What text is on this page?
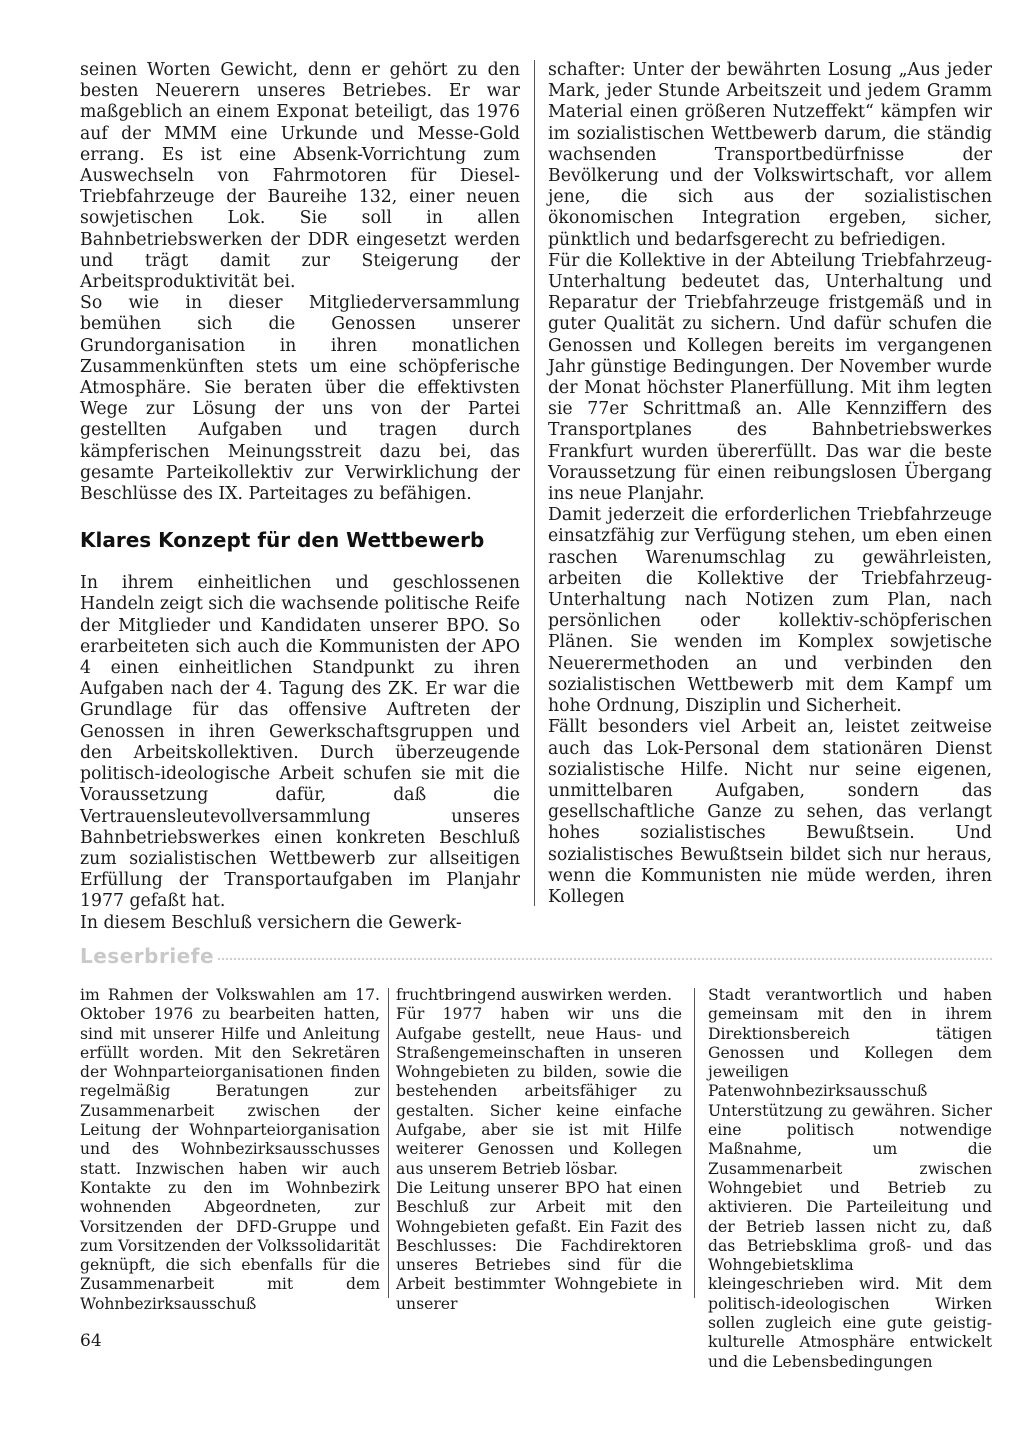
seinen Worten Gewicht, denn er gehört zu den besten Neuerern unseres Betriebes. Er war maßgeblich an einem Exponat beteiligt, das 1976 auf der MMM eine Urkunde und Messe-Gold errang. Es ist eine Absenk-Vorrichtung zum Auswechseln von Fahrmotoren für Diesel-Triebfahrzeuge der Baureihe 132, einer neuen sowjetischen Lok. Sie soll in allen Bahnbetriebswerken der DDR eingesetzt werden und trägt damit zur Steigerung der Arbeitsproduktivität bei.

So wie in dieser Mitgliederversammlung bemühen sich die Genossen unserer Grundorganisation in ihren monatlichen Zusammenkünften stets um eine schöpferische Atmosphäre. Sie beraten über die effektivsten Wege zur Lösung der uns von der Partei gestellten Aufgaben und tragen durch kämpferischen Meinungsstreit dazu bei, das gesamte Parteikollektiv zur Verwirklichung der Beschlüsse des IX. Parteitages zu befähigen.

Klares Konzept für den Wettbewerb

In ihrem einheitlichen und geschlossenen Handeln zeigt sich die wachsende politische Reife der Mitglieder und Kandidaten unserer BPO. So erarbeiteten sich auch die Kommunisten der APO 4 einen einheitlichen Standpunkt zu ihren Aufgaben nach der 4. Tagung des ZK. Er war die Grundlage für das offensive Auftreten der Genossen in ihren Gewerkschaftsgruppen und den Arbeitskollektiven. Durch überzeugende politisch-ideologische Arbeit schufen sie mit die Voraussetzung dafür, daß die Vertrauensleutevollversammlung unseres Bahnbetriebswerkes einen konkreten Beschluß zum sozialistischen Wettbewerb zur allseitigen Erfüllung der Transportaufgaben im Planjahr 1977 gefaßt hat.

In diesem Beschluß versichern die Gewerk-

schafter: Unter der bewährten Losung „Aus jeder Mark, jeder Stunde Arbeitszeit und jedem Gramm Material einen größeren Nutzeffekt“ kämpfen wir im sozialistischen Wettbewerb darum, die ständig wachsenden Transportbedürfnisse der Bevölkerung und der Volkswirtschaft, vor allem jene, die sich aus der sozialistischen ökonomischen Integration ergeben, sicher, pünktlich und bedarfsgerecht zu befriedigen.

Für die Kollektive in der Abteilung Triebfahrzeug-Unterhaltung bedeutet das, Unterhaltung und Reparatur der Triebfahrzeuge fristgemäß und in guter Qualität zu sichern. Und dafür schufen die Genossen und Kollegen bereits im vergangenen Jahr günstige Bedingungen. Der November wurde der Monat höchster Planerfüllung. Mit ihm legten sie 77er Schrittmaß an. Alle Kennziffern des Transportplanes des Bahnbetriebswerkes Frankfurt wurden übererfüllt. Das war die beste Voraussetzung für einen reibungslosen Übergang ins neue Planjahr.

Damit jederzeit die erforderlichen Triebfahrzeuge einsatzfähig zur Verfügung stehen, um eben einen raschen Warenumschlag zu gewährleisten, arbeiten die Kollektive der Triebfahrzeug-Unterhaltung nach Notizen zum Plan, nach persönlichen oder kollektiv-schöpferischen Plänen. Sie wenden im Komplex sowjetische Neuerermethoden an und verbinden den sozialistischen Wettbewerb mit dem Kampf um hohe Ordnung, Disziplin und Sicherheit.

Fällt besonders viel Arbeit an, leistet zeitweise auch das Lok-Personal dem stationären Dienst sozialistische Hilfe. Nicht nur seine eigenen, unmittelbaren Aufgaben, sondern das gesellschaftliche Ganze zu sehen, das verlangt hohes sozialistisches Bewußtsein. Und sozialistisches Bewußtsein bildet sich nur heraus, wenn die Kommunisten nie müde werden, ihren Kollegen

Leserbriefe

im Rahmen der Volkswahlen am 17. Oktober 1976 zu bearbeiten hatten, sind mit unserer Hilfe und Anleitung erfüllt worden. Mit den Sekretären der Wohnparteiorganisationen finden regelmäßig Beratungen zur Zusammenarbeit zwischen der Leitung der Wohnparteiorganisation und des Wohnbezirksausschusses statt. Inzwischen haben wir auch Kontakte zu den im Wohnbezirk wohnenden Abgeordneten, zur Vorsitzenden der DFD-Gruppe und zum Vorsitzenden der Volkssolidarität geknüpft, die sich ebenfalls für die Zusammenarbeit mit dem Wohnbezirksausschuß

fruchtbringend auswirken werden.

Für 1977 haben wir uns die Aufgabe gestellt, neue Haus- und Straßengemeinschaften in unseren Wohngebieten zu bilden, sowie die bestehenden arbeitsfähiger zu gestalten. Sicher keine einfache Aufgabe, aber sie ist mit Hilfe weiterer Genossen und Kollegen aus unserem Betrieb lösbar.

Die Leitung unserer BPO hat einen Beschluß zur Arbeit mit den Wohngebieten gefaßt. Ein Fazit des Beschlusses: Die Fachdirektoren unseres Betriebes sind für die Arbeit bestimmter Wohngebiete in unserer

Stadt verantwortlich und haben gemeinsam mit den in ihrem Direktionsbereich tätigen Genossen und Kollegen dem jeweiligen Patenwohnbezirksausschuß Unterstützung zu gewähren. Sicher eine politisch notwendige Maßnahme, um die Zusammenarbeit zwischen Wohngebiet und Betrieb zu aktivieren. Die Parteileitung und der Betrieb lassen nicht zu, daß das Betriebsklima groß- und das Wohngebietsklima kleingeschrieben wird. Mit dem politisch-ideologischen Wirken sollen zugleich eine gute geistig-kulturelle Atmosphäre entwickelt und die Lebensbedingungen

64
